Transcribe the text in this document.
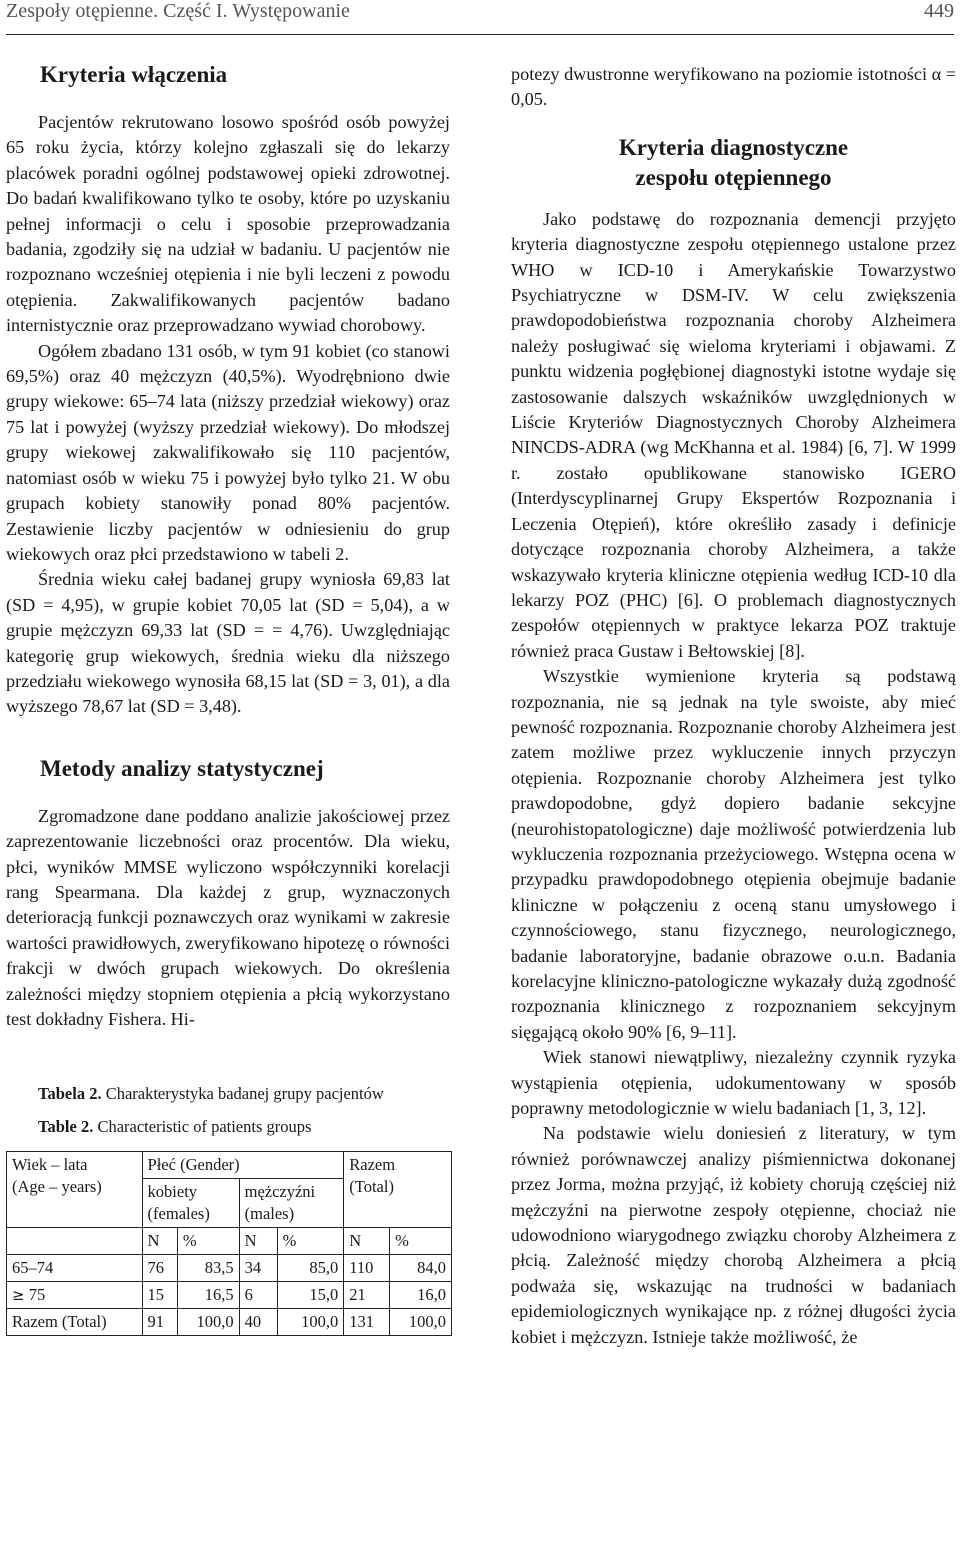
Zespoły otępienne. Część I. Występowanie	449
Kryteria włączenia

Pacjentów rekrutowano losowo spośród osób powyżej 65 roku życia, którzy kolejno zgłaszali się do lekarzy placówek poradni ogólnej podstawowej opieki zdrowotnej. Do badań kwalifikowano tylko te osoby, które po uzyskaniu pełnej informacji o celu i sposobie przeprowadzania badania, zgodziły się na udział w badaniu. U pacjentów nie rozpoznano wcześniej otępienia i nie byli leczeni z powodu otępienia. Zakwalifikowanych pacjentów badano internistycznie oraz przeprowadzano wywiad chorobowy.

Ogółem zbadano 131 osób, w tym 91 kobiet (co stanowi 69,5%) oraz 40 mężczyzn (40,5%). Wyodrębniono dwie grupy wiekowe: 65–74 lata (niższy przedział wiekowy) oraz 75 lat i powyżej (wyższy przedział wiekowy). Do młodszej grupy wiekowej zakwalifikowało się 110 pacjentów, natomiast osób w wieku 75 i powyżej było tylko 21. W obu grupach kobiety stanowiły ponad 80% pacjentów. Zestawienie liczby pacjentów w odniesieniu do grup wiekowych oraz płci przedstawiono w tabeli 2.

Średnia wieku całej badanej grupy wyniosła 69,83 lat (SD = 4,95), w grupie kobiet 70,05 lat (SD = 5,04), a w grupie mężczyzn 69,33 lat (SD = = 4,76). Uwzględniając kategorię grup wiekowych, średnia wieku dla niższego przedziału wiekowego wynosiła 68,15 lat (SD = 3, 01), a dla wyższego 78,67 lat (SD = 3,48).

Metody analizy statystycznej

Zgromadzone dane poddano analizie jakościowej przez zaprezentowanie liczebności oraz procentów. Dla wieku, płci, wyników MMSE wyliczono współczynniki korelacji rang Spearmana. Dla każdej z grup, wyznaczonych deterioracją funkcji poznawczych oraz wynikami w zakresie wartości prawidłowych, zweryfikowano hipotezę o równości frakcji w dwóch grupach wiekowych. Do określenia zależności między stopniem otępienia a płcią wykorzystano test dokładny Fishera. Hi-

Tabela 2. Charakterystyka badanej grupy pacjentów

Table 2. Characteristic of patients groups

Wiek – lata
(Age – years)	Płeć (Gender)				Razem
(Total)	
	kobiety
(females)		mężczyźni
(males)			
	N	%	N	%	N	%
65–74	76	83,5	34	85,0	110	84,0
≥ 75	15	16,5	6	15,0	21	16,0
Razem (Total)	91	100,0	40	100,0	131	100,0

potezy dwustronne weryfikowano na poziomie istotności α = 0,05.

Kryteria diagnostyczne
zespołu otępiennego

Jako podstawę do rozpoznania demencji przyjęto kryteria diagnostyczne zespołu otępiennego ustalone przez WHO w ICD-10 i Amerykańskie Towarzystwo Psychiatryczne w DSM-IV. W celu zwiększenia prawdopodobieństwa rozpoznania choroby Alzheimera należy posługiwać się wieloma kryteriami i objawami. Z punktu widzenia pogłębionej diagnostyki istotne wydaje się zastosowanie dalszych wskaźników uwzględnionych w Liście Kryteriów Diagnostycznych Choroby Alzheimera NINCDS-ADRA (wg McKhanna et al. 1984) [6, 7]. W 1999 r. zostało opublikowane stanowisko IGERO (Interdyscyplinarnej Grupy Ekspertów Rozpoznania i Leczenia Otępień), które określiło zasady i definicje dotyczące rozpoznania choroby Alzheimera, a także wskazywało kryteria kliniczne otępienia według ICD-10 dla lekarzy POZ (PHC) [6]. O problemach diagnostycznych zespołów otępiennych w praktyce lekarza POZ traktuje również praca Gustaw i Bełtowskiej [8].

Wszystkie wymienione kryteria są podstawą rozpoznania, nie są jednak na tyle swoiste, aby mieć pewność rozpoznania. Rozpoznanie choroby Alzheimera jest zatem możliwe przez wykluczenie innych przyczyn otępienia. Rozpoznanie choroby Alzheimera jest tylko prawdopodobne, gdyż dopiero badanie sekcyjne (neurohistopatologiczne) daje możliwość potwierdzenia lub wykluczenia rozpoznania przeżyciowego. Wstępna ocena w przypadku prawdopodobnego otępienia obejmuje badanie kliniczne w połączeniu z oceną stanu umysłowego i czynnościowego, stanu fizycznego, neurologicznego, badanie laboratoryjne, badanie obrazowe o.u.n. Badania korelacyjne kliniczno-patologiczne wykazały dużą zgodność rozpoznania klinicznego z rozpoznaniem sekcyjnym sięgającą około 90% [6, 9–11].

Wiek stanowi niewątpliwy, niezależny czynnik ryzyka wystąpienia otępienia, udokumentowany w sposób poprawny metodologicznie w wielu badaniach [1, 3, 12].

Na podstawie wielu doniesień z literatury, w tym również porównawczej analizy piśmiennictwa dokonanej przez Jorma, można przyjąć, iż kobiety chorują częściej niż mężczyźni na pierwotne zespoły otępienne, chociaż nie udowodniono wiarygodnego związku choroby Alzheimera z płcią. Zależność między chorobą Alzheimera a płcią podważa się, wskazując na trudności w badaniach epidemiologicznych wynikające np. z różnej długości życia kobiet i mężczyzn. Istnieje także możliwość, że
